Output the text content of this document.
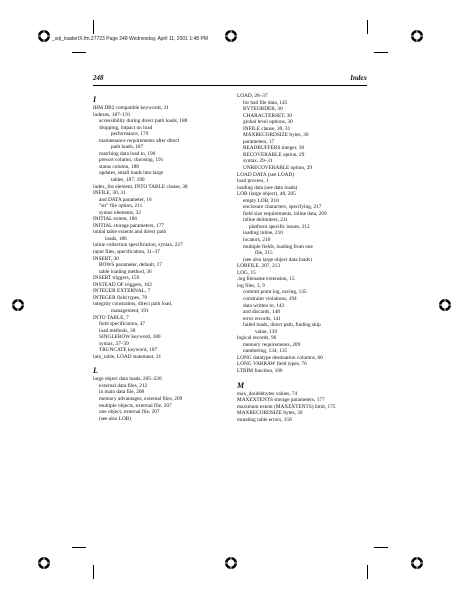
_sql_loaderIX.fm.27723 Page 248 Wednesday, April 11, 2001 1:48 PM
248	Index
I
IBM DB2 compatible keywords, 31
indexes, 187–191
accessibility during direct path loads, 188
dropping, impact on load
performance, 179
maintenance requirements after direct
path loads, 187
matching data load to, 190
presort column, choosing, 191
status column, 188
updates, small loads into large
tables, 187, 190
index_list element, INTO TABLE clause, 38
INFILE, 30, 31
and DATA parameter, 16
"str" file option, 211
syntax elements, 32
INITIAL extent, 186
INITIAL storage parameters, 177
initial table extents and direct path
loads, 186
inline collection specification, syntax, 227
input files, specification, 31–37
INSERT, 30
ROWS parameter, default, 17
table loading method, 36
INSERT triggers, 159
INSTEAD OF triggers, 162
INTEGER EXTERNAL, 7
INTEGER field types, 70
integrity constraints, direct path load,
management, 191
INTO TABLE, 7
field specification, 47
load methods, 38
SINGLEROW keyword, 180
syntax, 37–39
TRUNCATE keyword, 187
into_table, LOAD statement, 31
L
large object data loads, 205–220
external data files, 212
in main data file, 208
memory advantages, external files, 209
multiple objects, external file, 207
one object, external file, 207
(see also LOB)
LOAD, 28–37
for bad file data, 145
BYTEORDER, 30
CHARACTERSET, 30
global level options, 30
INFILE clause, 30, 31
MAXRECORDSIZE bytes, 30
parameters, 17
READBUFFERS integer, 30
RECOVERABLE option, 29
syntax, 29–31
UNRECOVERABLE option, 29
LOAD DATA (see LOAD)
load process, 1
loading data (see data loads)
LOB (large object), 48, 205
empty LOB, 210
enclosure characters, specifying, 217
field size requirements, inline data, 209
inline delimiters, 211
platform specific issues, 212
loading inline, 210
locators, 210
multiple fields, loading from one
file, 215
(see also large object data loads)
LOBFILE, 207, 213
LOG, 15
.log filename extension, 15
log files, 3, 9
commit point log, saving, 135
constraint violations, 194
data written to, 143
and discards, 148
error records, 141
failed loads, direct path, finding skip
value, 139
logical records, 96
memory requirements, 209
numbering, 134, 135
LONG datatype destination columns, 60
LONG VARRAW field types, 76
LTRIM function, 106
M
max_doublebytes values, 74
MAXEXTENTS storage parameters, 177
maximum extent (MAXEXTENTS) limit, 175
MAXRECORDSIZE bytes, 30
mutating table errors, 158
